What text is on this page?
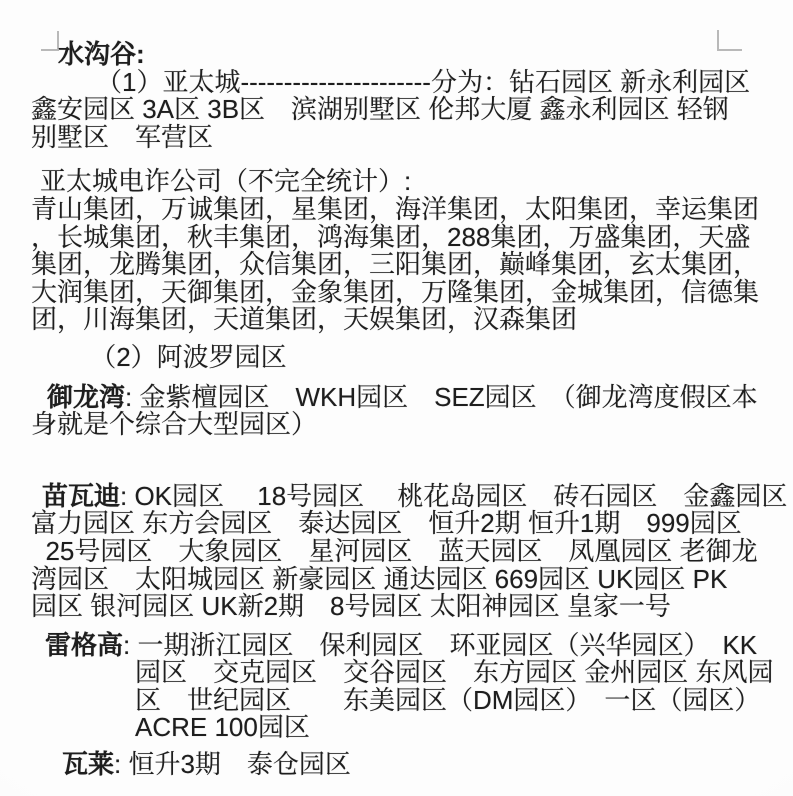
水沟谷:
　　　（1）亚太城----------------------分为：钻石园区 新永利园区
鑫安园区 3A区 3B区　滨湖别墅区 伦邦大厦 鑫永利园区 轻钢
别墅区　军营区
亚太城电诈公司（不完全统计）:
青山集团，万诚集团，星集团，海洋集团，太阳集团，幸运集团
，长城集团，秋丰集团，鸿海集团，288集团，万盛集团，天盛
集团，龙腾集团，众信集团，三阳集团，巅峰集团，玄太集团，
大润集团，天御集团，金象集团，万隆集团，金城集团，信德集
团，川海集团，天道集团，天娱集团，汉森集团
　　 （2）阿波罗园区
御龙湾: 金紫檀园区　WKH园区　SEZ园区　（御龙湾度假区本
身就是个综合大型园区）
苗瓦迪: OK园区　 18号园区　 桃花岛园区　砖石园区　金鑫园区
富力园区 东方会园区　泰达园区　恒升2期 恒升1期　999园区
25号园区　大象园区　星河园区　蓝天园区　凤凰园区 老御龙
湾园区　太阳城园区 新豪园区 通达园区 669园区 UK园区 PK
园区 银河园区 UK新2期　8号园区 太阳神园区 皇家一号
雷格高: 一期浙江园区　保利园区　环亚园区（兴华园区）　KK
　　　　园区　交克园区　交谷园区　东方园区 金州园区 东风园
　　　　区　世纪园区　　东美园区（DM园区）　一区（园区）
　　　　ACRE 100园区
瓦莱: 恒升3期　泰仓园区
